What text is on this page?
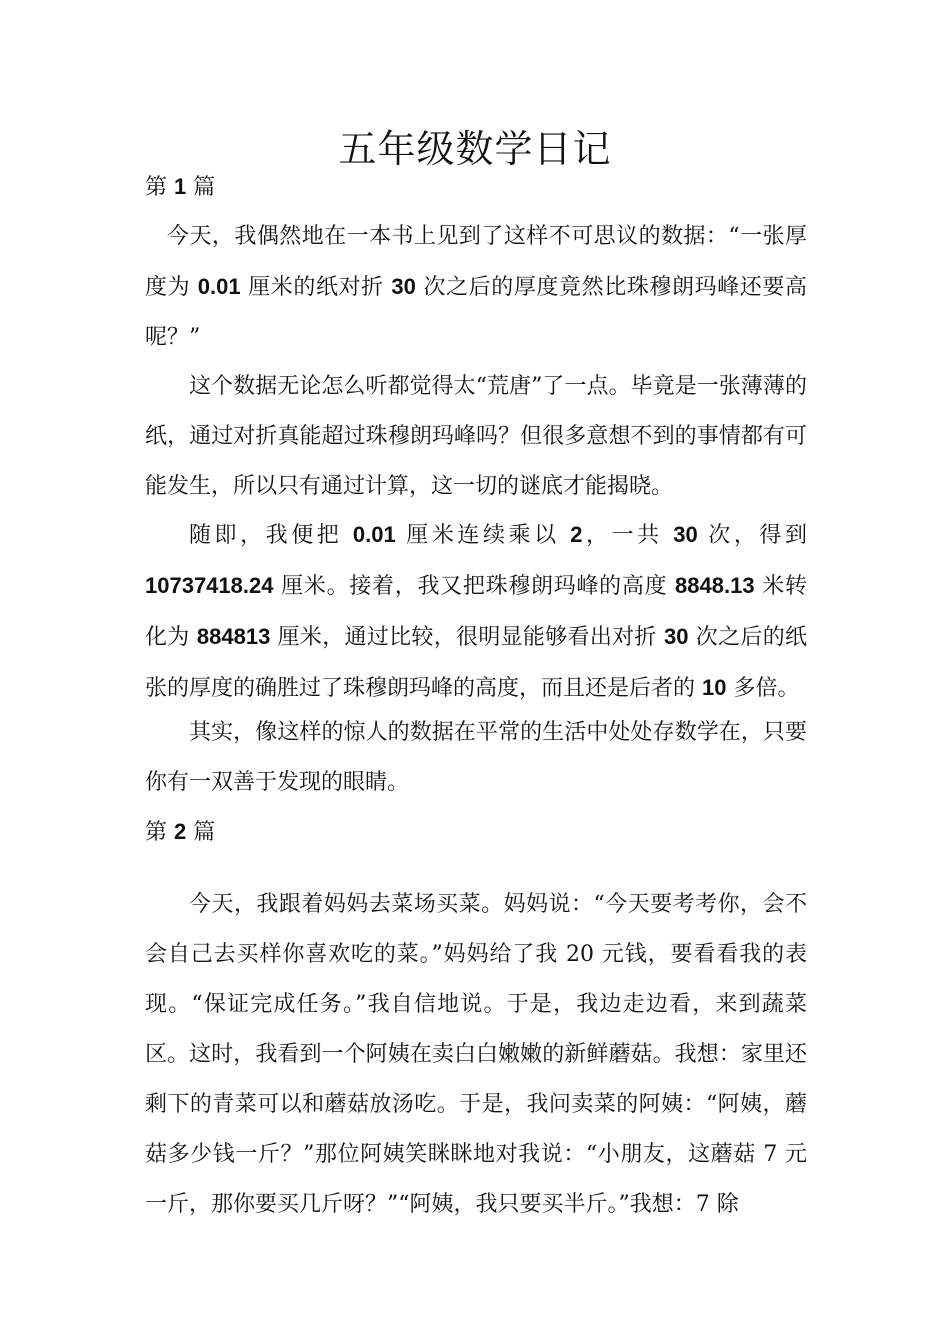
五年级数学日记
第 1 篇

今天，我偶然地在一本书上见到了这样不可思议的数据：“一张厚度为 0.01 厘米的纸对折 30 次之后的厚度竟然比珠穆朗玛峰还要高呢？”

这个数据无论怎么听都觉得太“荒唐”了一点。毕竟是一张薄薄的纸，通过对折真能超过珠穆朗玛峰吗？但很多意想不到的事情都有可能发生，所以只有通过计算，这一切的谜底才能揭晓。

随即，我便把 0.01 厘米连续乘以 2，一共 30 次，得到 10737418.24 厘米。接着，我又把珠穆朗玛峰的高度 8848.13 米转化为 884813 厘米，通过比较，很明显能够看出对折 30 次之后的纸张的厚度的确胜过了珠穆朗玛峰的高度，而且还是后者的 10 多倍。

其实，像这样的惊人的数据在平常的生活中处处存数学在，只要你有一双善于发现的眼睛。

第 2 篇

今天，我跟着妈妈去菜场买菜。妈妈说：“今天要考考你，会不会自己去买样你喜欢吃的菜。”妈妈给了我 20 元钱，要看看我的表现。“保证完成任务。”我自信地说。于是，我边走边看，来到蔬菜区。这时，我看到一个阿姨在卖白白嫩嫩的新鲜蘑菇。我想：家里还剩下的青菜可以和蘑菇放汤吃。于是，我问卖菜的阿姨：“阿姨，蘑菇多少钱一斤？”那位阿姨笑眯眯地对我说：“小朋友，这蘑菇 7 元一斤，那你要买几斤呀？”“阿姨，我只要买半斤。”我想：7 除
